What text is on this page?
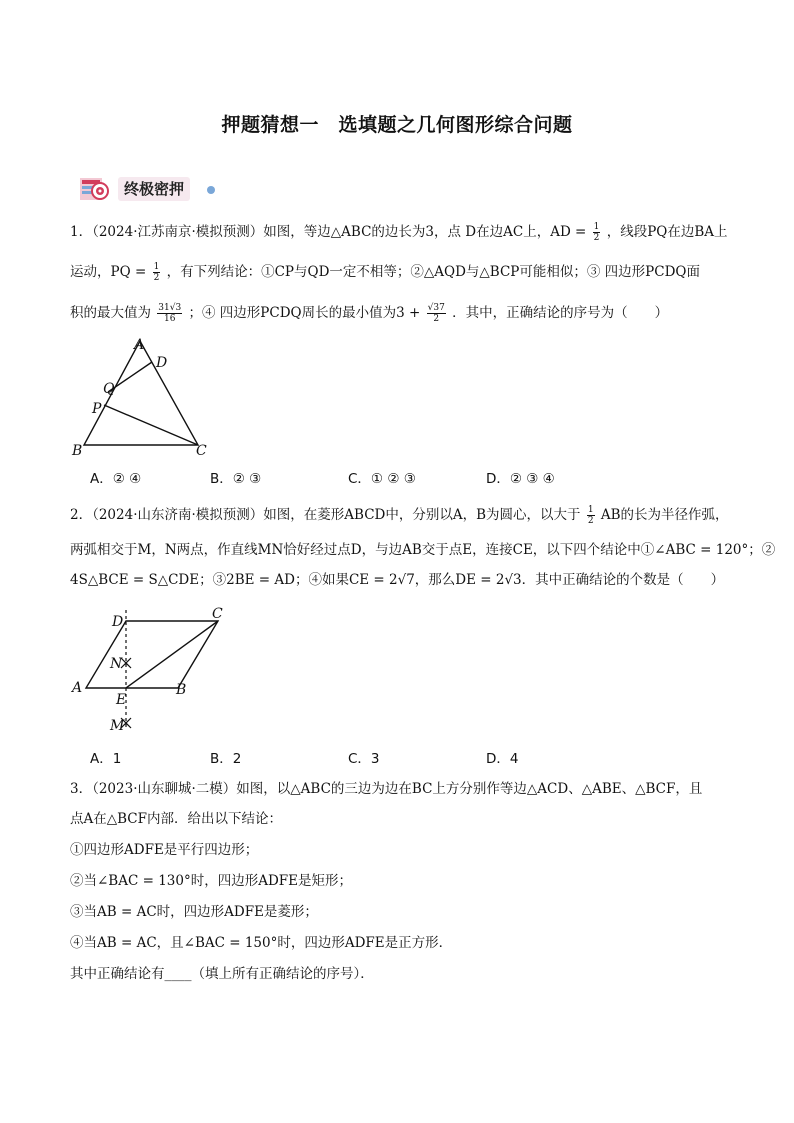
押题猜想一　选填题之几何图形综合问题
终极密押
1．（2024·江苏南京·模拟预测）如图，等边△ABC的边长为3，点 D在边AC上，AD = $\frac{1}{2}$ ，线段PQ在边BA上
运动，PQ = $\frac{1}{2}$ ，有下列结论：①CP与QD一定不相等；②△AQD与△BCP可能相似；③ 四边形PCDQ面
积的最大值为 $\frac{31√3}{16}$ ；④ 四边形PCDQ周长的最小值为$3 + \frac{√37}{2}$ ．其中，正确结论的序号为（　　）
A
D
Q
P
B	C
A．② ④	B．② ③	C．① ② ③	D．② ③ ④
2．（2024·山东济南·模拟预测）如图，在菱形ABCD中，分别以A，B为圆心，以大于 $\frac{1}{2}$ AB的长为半径作弧，
两弧相交于M，N两点，作直线MN恰好经过点D，与边AB交于点E，连接CE，以下四个结论中①∠ABC = 120°；②
4S△BCE = S△CDE；③2BE = AD；④如果CE = 2√7，那么DE = 2√3．其中正确结论的个数是（　　）
D	C
N
A
E
B
M
A．1	B．2	C．3	D．4
3．（2023·山东聊城·二模）如图，以△ABC的三边为边在BC上方分别作等边△ACD、△ABE、△BCF，且
点A在△BCF内部．给出以下结论：
①四边形ADFE是平行四边形；
②当∠BAC = 130°时，四边形ADFE是矩形；
③当AB = AC时，四边形ADFE是菱形；
④当AB = AC，且∠BAC = 150°时，四边形ADFE是正方形．
其中正确结论有____（填上所有正确结论的序号）．
